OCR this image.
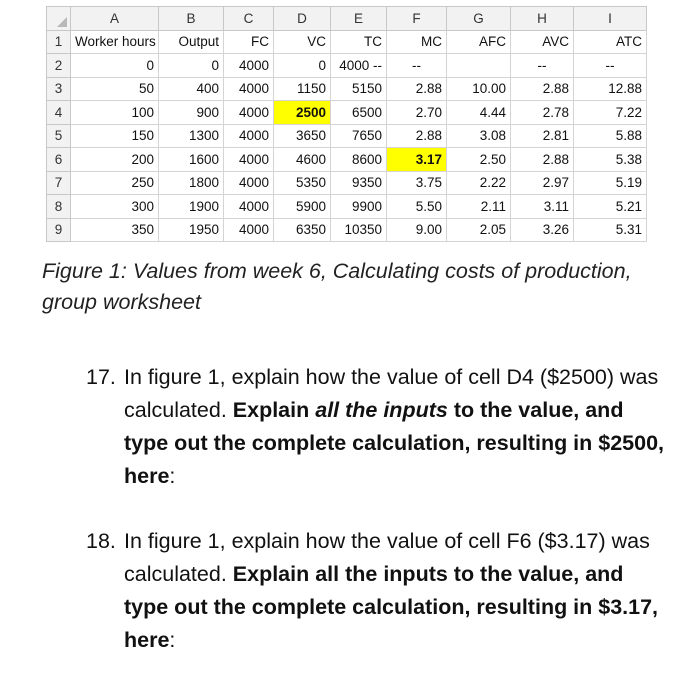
	A	B	C	D	E	F	G	H	I
1	Worker hours	Output	FC	VC	TC	MC	AFC	AVC	ATC
2	0	0	4000	0	4000 --	--		--	--
3	50	400	4000	1150	5150	2.88	10.00	2.88	12.88
4	100	900	4000	2500	6500	2.70	4.44	2.78	7.22
5	150	1300	4000	3650	7650	2.88	3.08	2.81	5.88
6	200	1600	4000	4600	8600	3.17	2.50	2.88	5.38
7	250	1800	4000	5350	9350	3.75	2.22	2.97	5.19
8	300	1900	4000	5900	9900	5.50	2.11	3.11	5.21
9	350	1950	4000	6350	10350	9.00	2.05	3.26	5.31
Figure 1: Values from week 6, Calculating costs of production, group worksheet
17. In figure 1, explain how the value of cell D4 ($2500) was calculated. Explain all the inputs to the value, and type out the complete calculation, resulting in $2500, here:
18. In figure 1, explain how the value of cell F6 ($3.17) was calculated. Explain all the inputs to the value, and type out the complete calculation, resulting in $3.17, here:
